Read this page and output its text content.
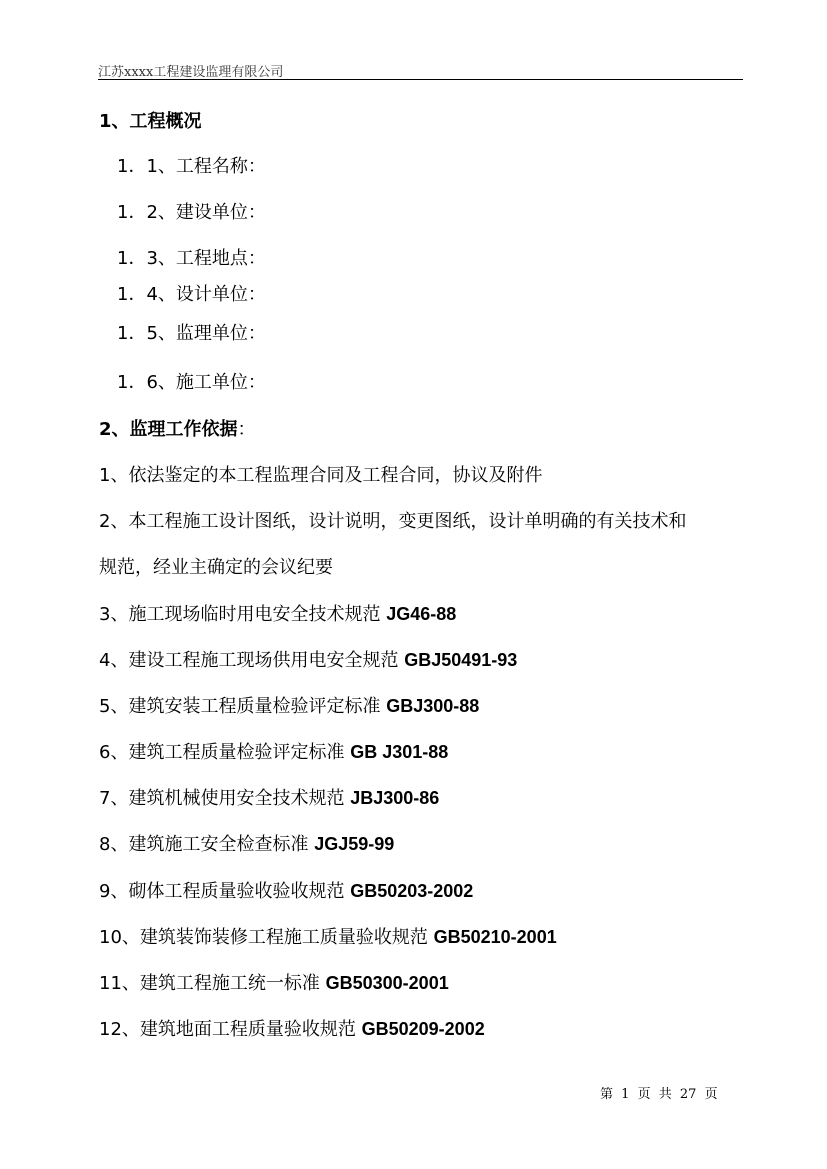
江苏xxxx工程建设监理有限公司
1、工程概况
1．1、工程名称：
1．2、建设单位：
1．3、工程地点：
1．4、设计单位：
1．5、监理单位：
1．6、施工单位：
2、监理工作依据：
1、依法鉴定的本工程监理合同及工程合同，协议及附件
2、本工程施工设计图纸，设计说明，变更图纸，设计单明确的有关技术和
规范，经业主确定的会议纪要
3、施工现场临时用电安全技术规范 JG46-88
4、建设工程施工现场供用电安全规范 GBJ50491-93
5、建筑安装工程质量检验评定标准 GBJ300-88
6、建筑工程质量检验评定标准 GB J301-88
7、建筑机械使用安全技术规范 JBJ300-86
8、建筑施工安全检查标准 JGJ59-99
9、砌体工程质量验收验收规范 GB50203-2002
10、建筑装饰装修工程施工质量验收规范 GB50210-2001
11、建筑工程施工统一标准 GB50300-2001
12、建筑地面工程质量验收规范 GB50209-2002
第 1 页 共 27 页
